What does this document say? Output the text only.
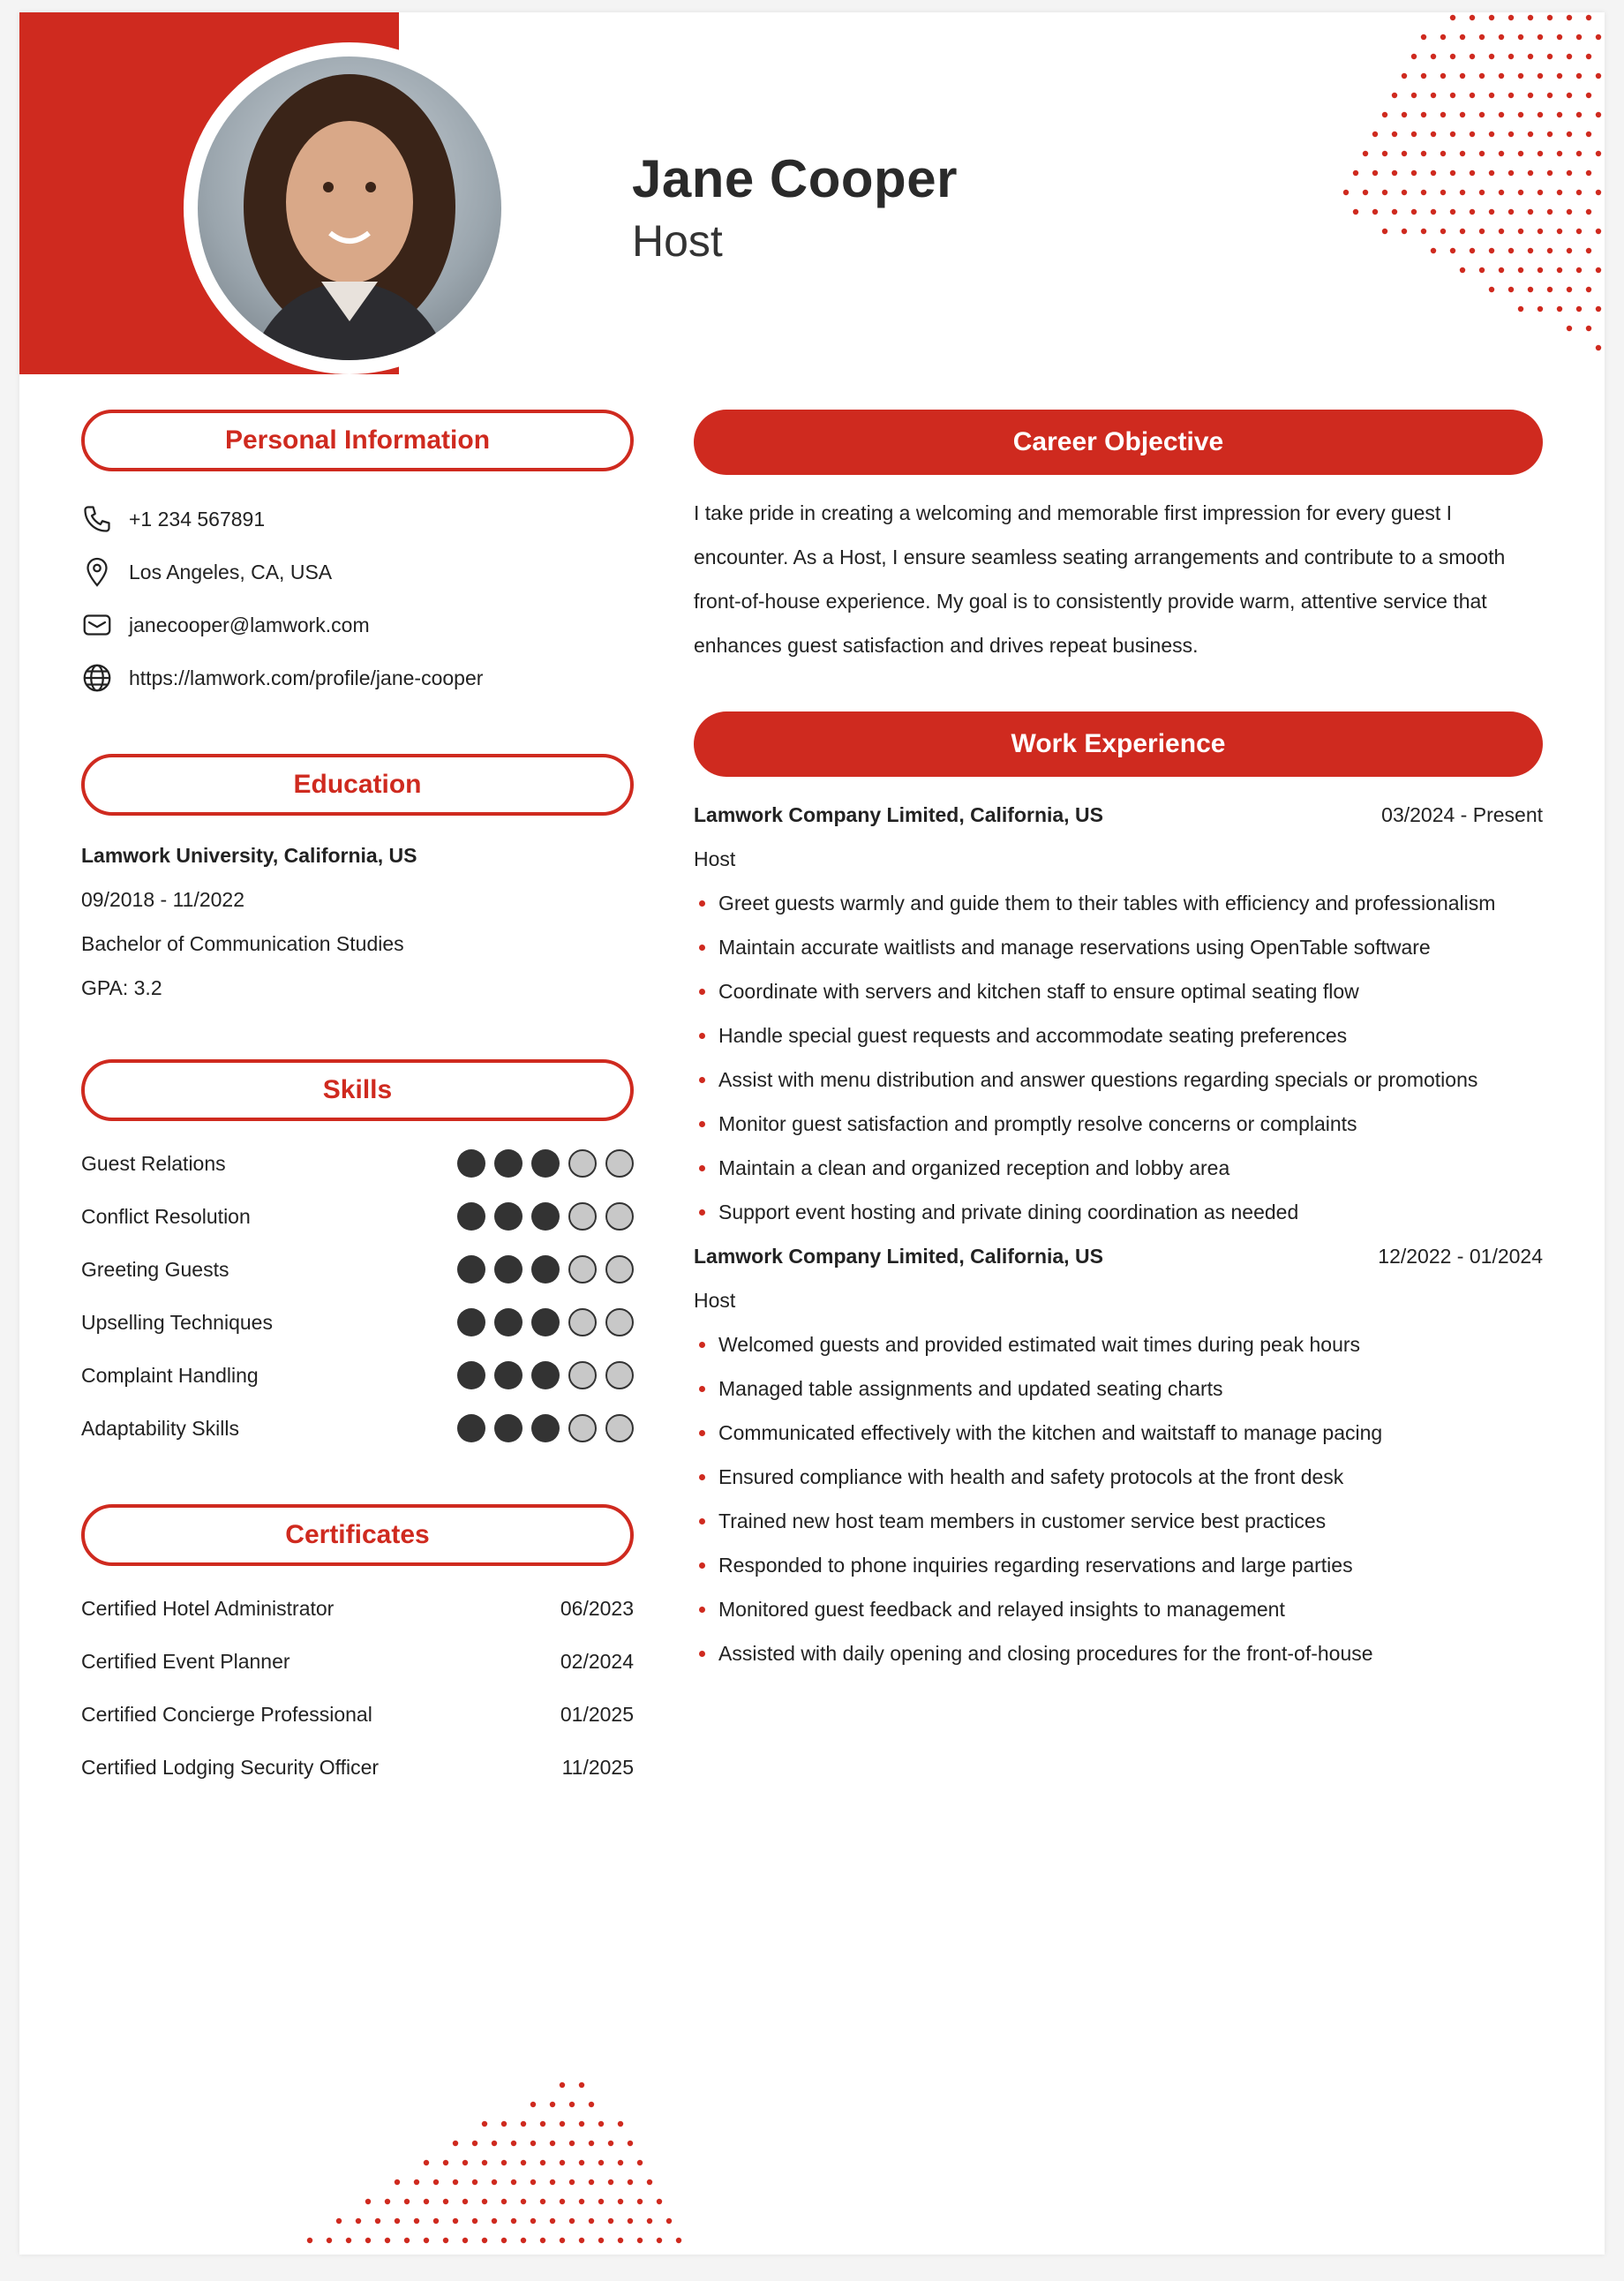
Jane Cooper
Host
Personal Information
+1 234 567891
Los Angeles, CA, USA
janecooper@lamwork.com
https://lamwork.com/profile/jane-cooper
Education
Lamwork University, California, US
09/2018 - 11/2022
Bachelor of Communication Studies
GPA: 3.2
Skills
Guest Relations
Conflict Resolution
Greeting Guests
Upselling Techniques
Complaint Handling
Adaptability Skills
Certificates
Certified Hotel Administrator	06/2023
Certified Event Planner	02/2024
Certified Concierge Professional	01/2025
Certified Lodging Security Officer	11/2025
Career Objective

I take pride in creating a welcoming and memorable first impression for every guest I encounter. As a Host, I ensure seamless seating arrangements and contribute to a smooth front-of-house experience. My goal is to consistently provide warm, attentive service that enhances guest satisfaction and drives repeat business.

Work Experience
Lamwork Company Limited, California, US	03/2024 - Present
Host
Greet guests warmly and guide them to their tables with efficiency and professionalism
Maintain accurate waitlists and manage reservations using OpenTable software
Coordinate with servers and kitchen staff to ensure optimal seating flow
Handle special guest requests and accommodate seating preferences
Assist with menu distribution and answer questions regarding specials or promotions
Monitor guest satisfaction and promptly resolve concerns or complaints
Maintain a clean and organized reception and lobby area
Support event hosting and private dining coordination as needed
Lamwork Company Limited, California, US	12/2022 - 01/2024
Host
Welcomed guests and provided estimated wait times during peak hours
Managed table assignments and updated seating charts
Communicated effectively with the kitchen and waitstaff to manage pacing
Ensured compliance with health and safety protocols at the front desk
Trained new host team members in customer service best practices
Responded to phone inquiries regarding reservations and large parties
Monitored guest feedback and relayed insights to management
Assisted with daily opening and closing procedures for the front-of-house
